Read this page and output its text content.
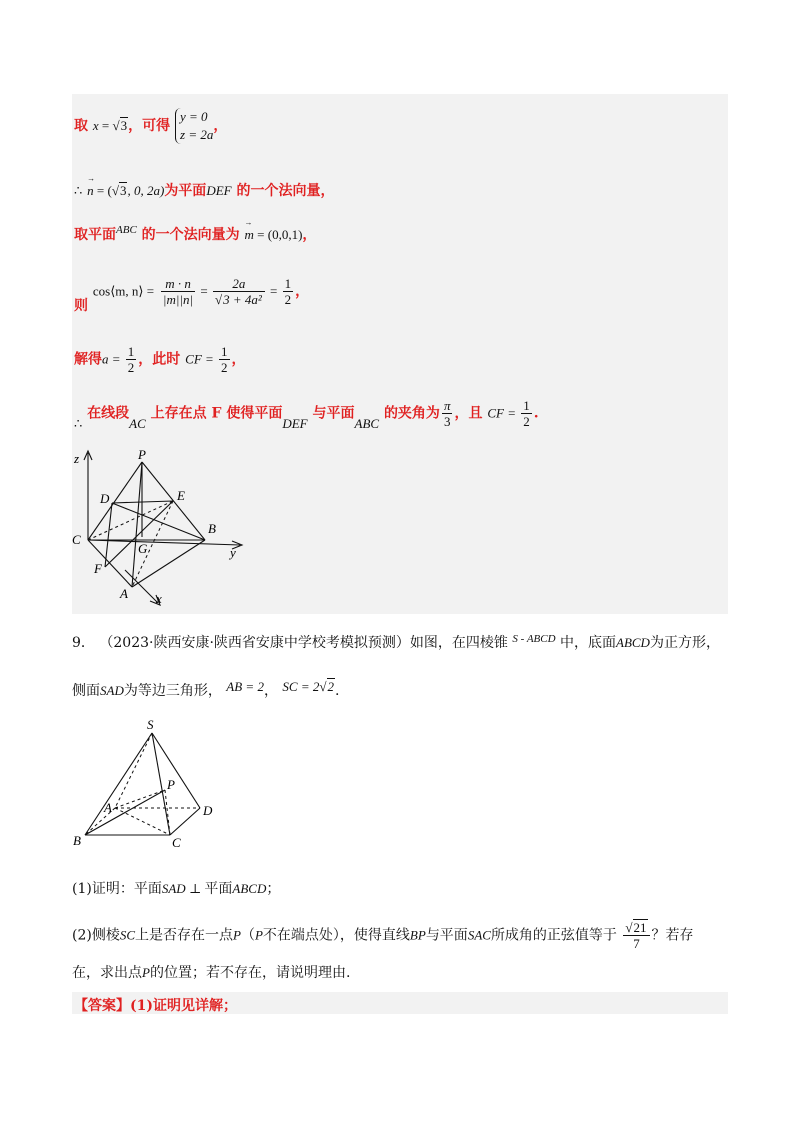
取 x = √3，可得
y = 0
z = 2a
，
∴ → n = (√3, 0, 2a)为平面DEF 的一个法向量，
取平面$^{ABC}$ 的一个法向量为 → m = (0,0,1)，
则 cos⟨m, n⟩ = $\frac{m \cdot n}{|m||n|} = \frac{2a}{\text{√3 + 4a²}} = \frac{1}{2}$ ，
解得$a = \frac{1}{2}$ ，此时 CF = $\frac{1}{2}$ ，
∴ 在线段AC 上存在点 F 使得平面DEF 与平面ABC 的夹角为 $\frac{\pi}{3}$ ，且 CF = $\frac{1}{2}$ .
z	P
D	E
B
C
G	y
F
A x
9． （2023·陕西安康·陕西省安康中学校考模拟预测）如图，在四棱锥 $^{S - ABCD}$ 中，底面ABCD为正方形，
侧面SAD为等边三角形， AB = 2， SC = 2√2.
S
P
A	D
B	C
(1)证明：平面SAD ⊥ 平面ABCD；
(2)侧棱SC上是否存在一点P（P不在端点处），使得直线BP与平面SAC所成角的正弦值等于 $\frac{√21}{7}$ ？若存
在，求出点P的位置；若不存在，请说明理由.
【答案】(1)证明见详解；
